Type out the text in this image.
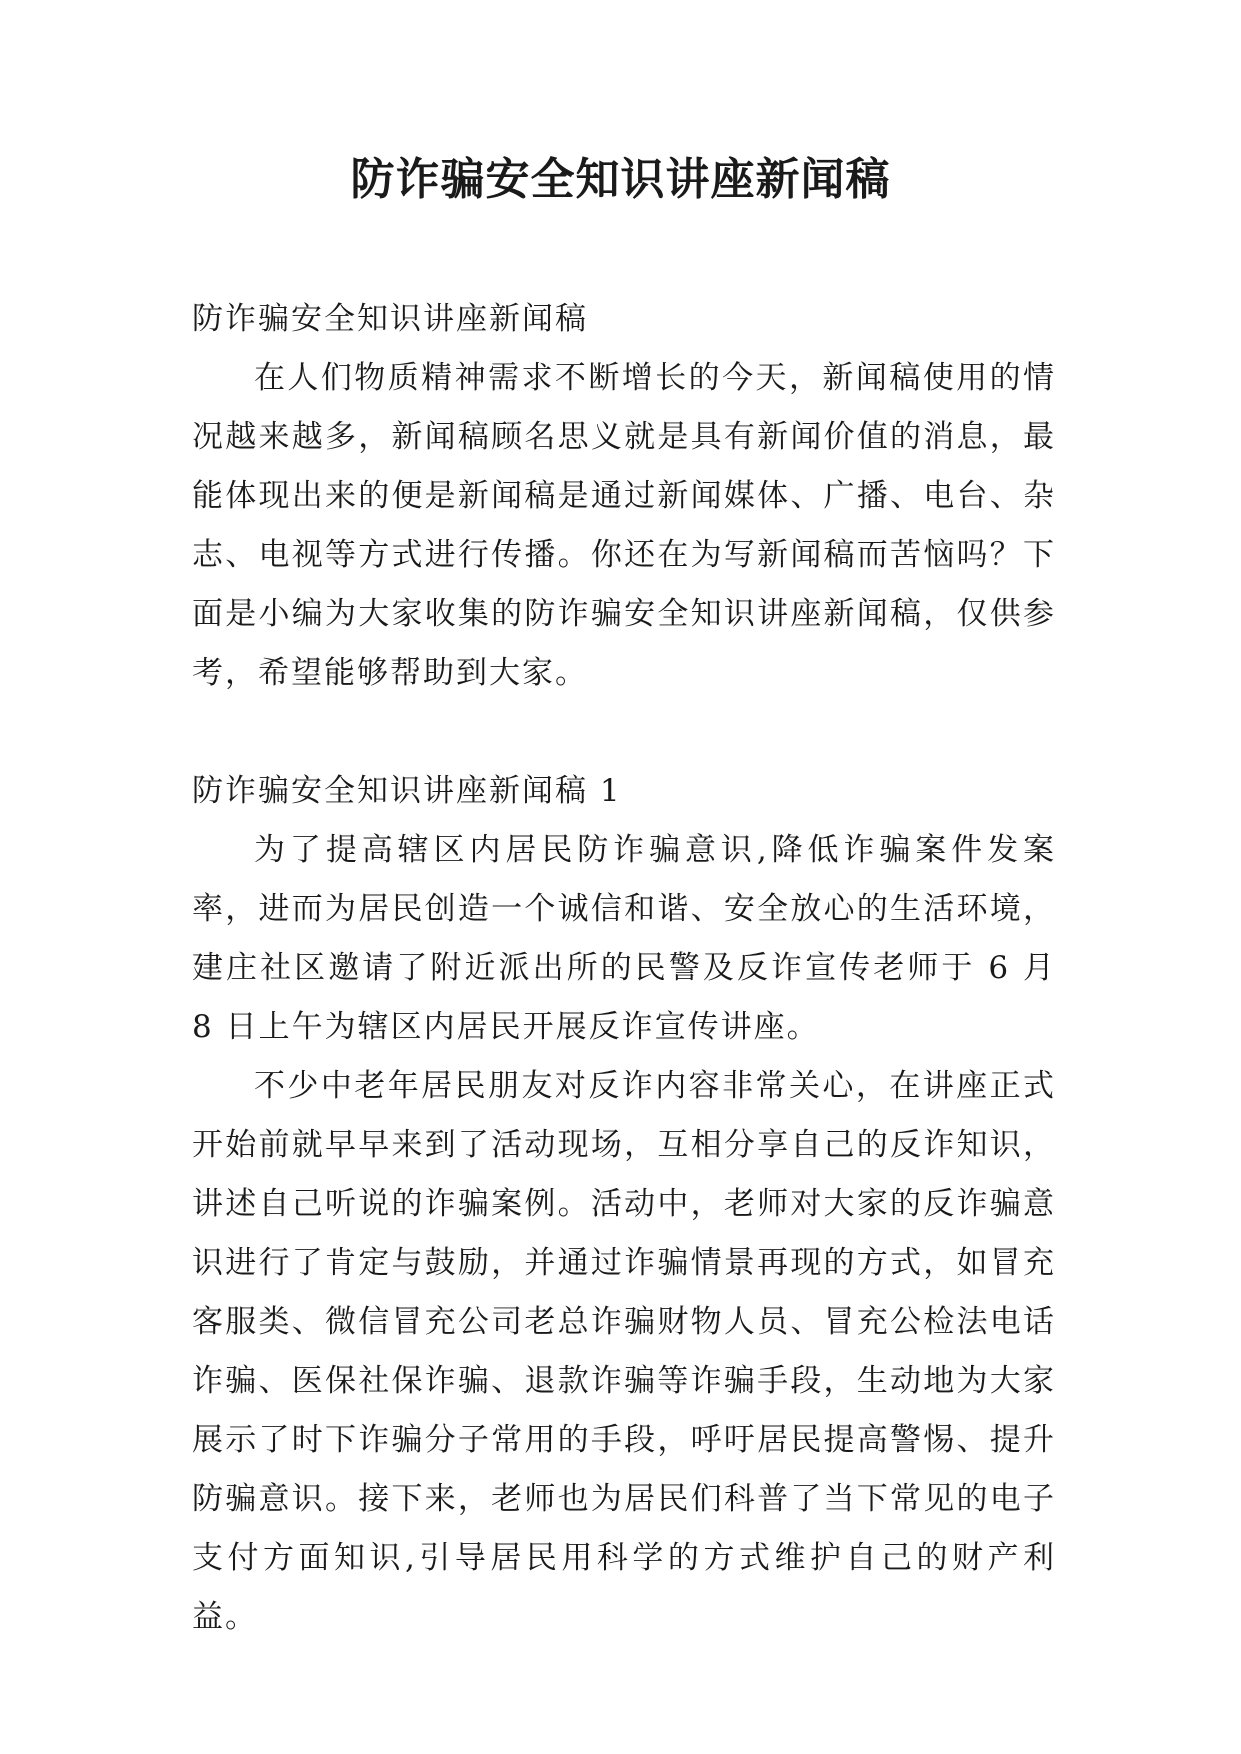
防诈骗安全知识讲座新闻稿

防诈骗安全知识讲座新闻稿

在人们物质精神需求不断增长的今天，新闻稿使用的情况越来越多，新闻稿顾名思义就是具有新闻价值的消息，最能体现出来的便是新闻稿是通过新闻媒体、广播、电台、杂志、电视等方式进行传播。你还在为写新闻稿而苦恼吗？下面是小编为大家收集的防诈骗安全知识讲座新闻稿，仅供参考，希望能够帮助到大家。

防诈骗安全知识讲座新闻稿 1

为了提高辖区内居民防诈骗意识,降低诈骗案件发案率，进而为居民创造一个诚信和谐、安全放心的生活环境，建庄社区邀请了附近派出所的民警及反诈宣传老师于 6 月 8 日上午为辖区内居民开展反诈宣传讲座。

不少中老年居民朋友对反诈内容非常关心，在讲座正式开始前就早早来到了活动现场，互相分享自己的反诈知识，讲述自己听说的诈骗案例。活动中，老师对大家的反诈骗意识进行了肯定与鼓励，并通过诈骗情景再现的方式，如冒充客服类、微信冒充公司老总诈骗财物人员、冒充公检法电话诈骗、医保社保诈骗、退款诈骗等诈骗手段，生动地为大家展示了时下诈骗分子常用的手段，呼吁居民提高警惕、提升防骗意识。接下来，老师也为居民们科普了当下常见的电子支付方面知识,引导居民用科学的方式维护自己的财产利益。
